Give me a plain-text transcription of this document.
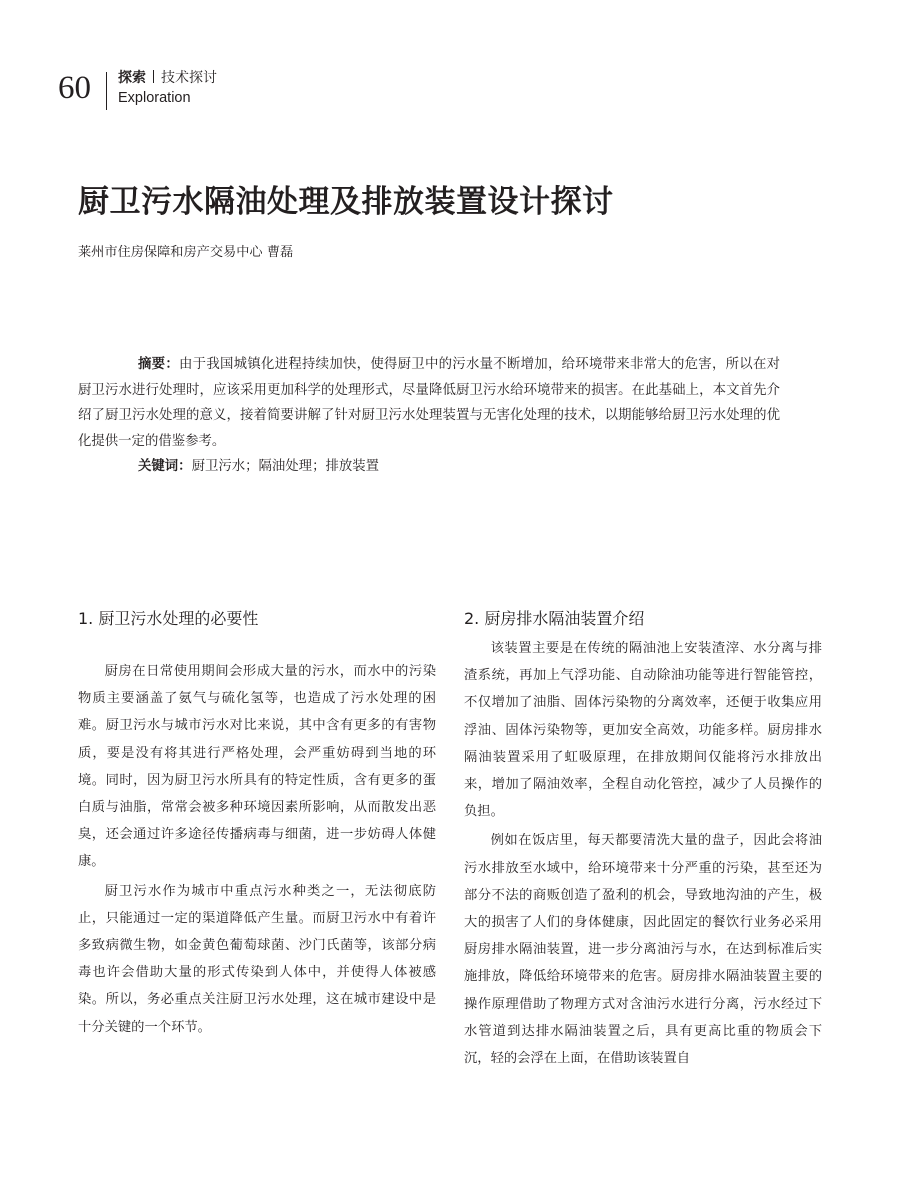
60 探索 技术探讨
Exploration
厨卫污水隔油处理及排放装置设计探讨
莱州市住房保障和房产交易中心 曹磊

摘要：由于我国城镇化进程持续加快，使得厨卫中的污水量不断增加，给环境带来非常大的危害，所以在对厨卫污水进行处理时，应该采用更加科学的处理形式，尽量降低厨卫污水给环境带来的损害。在此基础上，本文首先介绍了厨卫污水处理的意义，接着简要讲解了针对厨卫污水处理装置与无害化处理的技术，以期能够给厨卫污水处理的优化提供一定的借鉴参考。

关键词：厨卫污水；隔油处理；排放装置
1. 厨卫污水处理的必要性

厨房在日常使用期间会形成大量的污水，而水中的污染物质主要涵盖了氨气与硫化氢等，也造成了污水处理的困难。厨卫污水与城市污水对比来说，其中含有更多的有害物质，要是没有将其进行严格处理，会严重妨碍到当地的环境。同时，因为厨卫污水所具有的特定性质，含有更多的蛋白质与油脂，常常会被多种环境因素所影响，从而散发出恶臭，还会通过许多途径传播病毒与细菌，进一步妨碍人体健康。

厨卫污水作为城市中重点污水种类之一，无法彻底防止，只能通过一定的渠道降低产生量。而厨卫污水中有着许多致病微生物，如金黄色葡萄球菌、沙门氏菌等，该部分病毒也许会借助大量的形式传染到人体中，并使得人体被感染。所以，务必重点关注厨卫污水处理，这在城市建设中是十分关键的一个环节。

2. 厨房排水隔油装置介绍

该装置主要是在传统的隔油池上安装渣滓、水分离与排渣系统，再加上气浮功能、自动除油功能等进行智能管控，不仅增加了油脂、固体污染物的分离效率，还便于收集应用浮油、固体污染物等，更加安全高效，功能多样。厨房排水隔油装置采用了虹吸原理，在排放期间仅能将污水排放出来，增加了隔油效率，全程自动化管控，减少了人员操作的负担。

例如在饭店里，每天都要清洗大量的盘子，因此会将油污水排放至水域中，给环境带来十分严重的污染，甚至还为部分不法的商贩创造了盈利的机会，导致地沟油的产生，极大的损害了人们的身体健康，因此固定的餐饮行业务必采用厨房排水隔油装置，进一步分离油污与水，在达到标准后实施排放，降低给环境带来的危害。厨房排水隔油装置主要的操作原理借助了物理方式对含油污水进行分离，污水经过下水管道到达排水隔油装置之后，具有更高比重的物质会下沉，轻的会浮在上面，在借助该装置自
